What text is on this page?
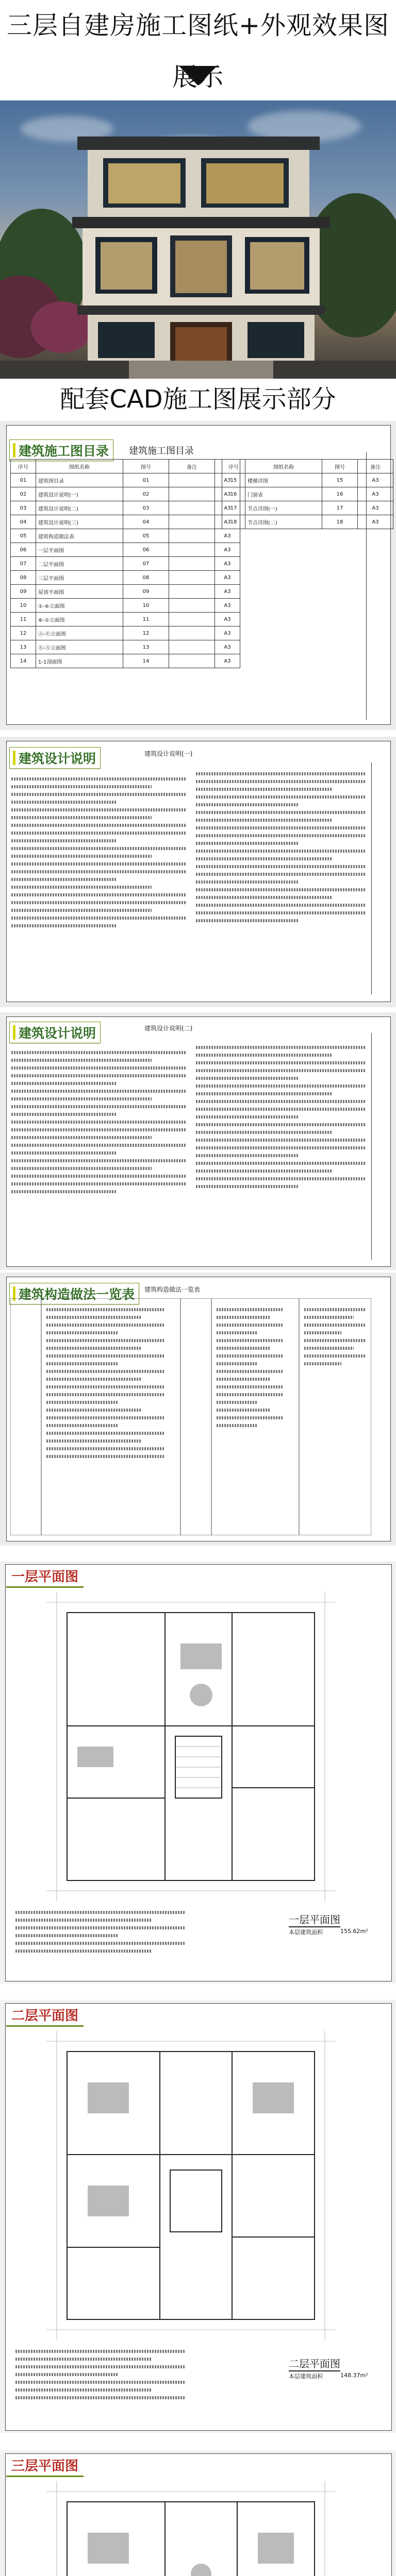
三层自建房施工图纸+外观效果图展示
配套CAD施工图展示部分
建筑施工图目录	建筑施工图目录
序号	图纸名称	图号	备注	
01	建筑图目录	01		A3
02	建筑设计说明(一)	02		A3
03	建筑设计说明(二)	03		A3
04	建筑设计说明(三)	04		A3
05	建筑构造做法表	05		A3
06	一层平面图	06		A3
07	二层平面图	07		A3
08	三层平面图	08		A3
09	屋顶平面图	09		A3
10	①-⑥立面图	10		A3
11	⑥-①立面图	11		A3
12	Ⓐ-Ⓔ立面图	12		A3
13	Ⓔ-Ⓐ立面图	13		A3
14	1-1剖面图	14		A3
序号	图纸名称	图号	备注
15	楼梯详图	15	A3
16	门窗表	16	A3
17	节点详图(一)	17	A3
18	节点详图(二)	18	A3
建筑设计说明	建筑设计说明(一)
建筑设计说明	建筑设计说明(二)
建筑构造做法一览表	建筑构造做法一览表
一层平面图
一层平面图
本层建筑面积	155.62m²
二层平面图
二层平面图
本层建筑面积	148.37m²
三层平面图
